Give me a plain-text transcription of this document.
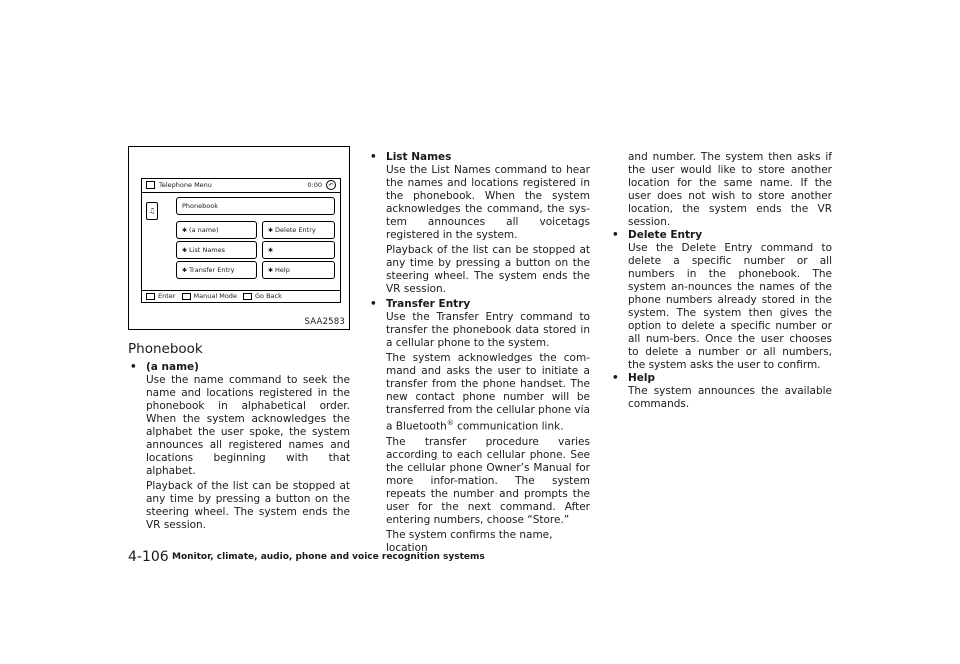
Telephone Menu	0:00	↶
♫
Phonebook
✱ (a name)	✱ Delete Entry
✱ List Names	✱
✱ Transfer Entry	✱ Help
Enter	Manual Mode	Go Back
SAA2583
Phonebook
• (a name)

Use the name command to seek the name and locations registered in the phonebook in alphabetical order. When the system acknowledges the alphabet the user spoke, the system announces all registered names and locations beginning with that alphabet.

Playback of the list can be stopped at any time by pressing a button on the steering wheel. The system ends the VR session.

• List Names

Use the List Names command to hear the names and locations registered in the phonebook. When the system acknowledges the command, the sys-tem announces all voicetags registered in the system.

Playback of the list can be stopped at any time by pressing a button on the steering wheel. The system ends the VR session.

• Transfer Entry

Use the Transfer Entry command to transfer the phonebook data stored in a cellular phone to the system.

The system acknowledges the com-mand and asks the user to initiate a transfer from the phone handset. The new contact phone number will be transferred from the cellular phone via a Bluetooth® communication link.

The transfer procedure varies according to each cellular phone. See the cellular phone Owner’s Manual for more infor-mation. The system repeats the number and prompts the user for the next command. After entering numbers, choose “Store.”

The system confirms the name, location

and number. The system then asks if the user would like to store another location for the same name. If the user does not wish to store another location, the system ends the VR session.

• Delete Entry

Use the Delete Entry command to delete a specific number or all numbers in the phonebook. The system an-nounces the names of the phone numbers already stored in the system. The system then gives the option to delete a specific number or all num-bers. Once the user chooses to delete a number or all numbers, the system asks the user to confirm.

• Help

The system announces the available commands.

4-106 Monitor, climate, audio, phone and voice recognition systems
